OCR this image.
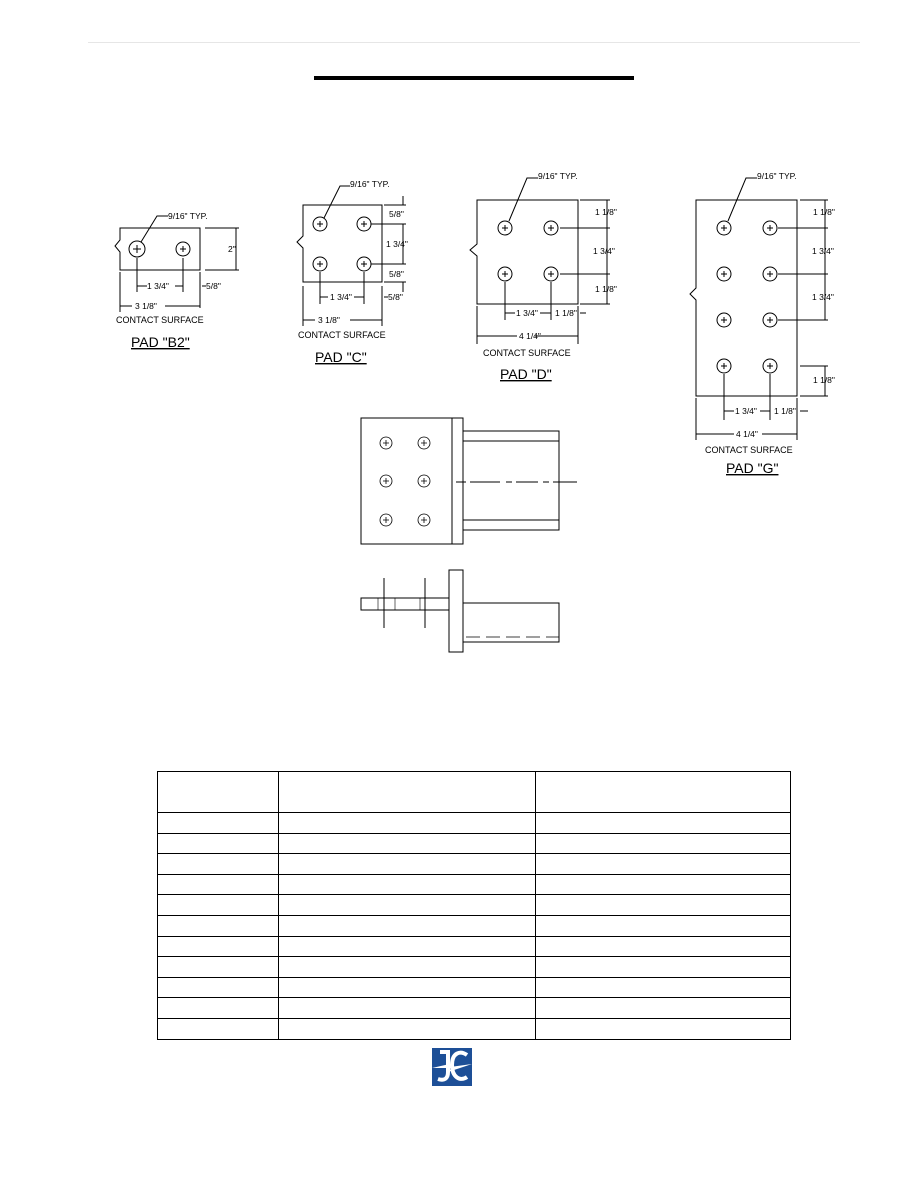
9/16" TYP.
2"
1 3/4"	5/8"
3 1/8"
CONTACT SURFACE
PAD "B2"
9/16" TYP.
5/8"
1 3/4"
5/8"
1 3/4"	5/8"
3 1/8"
CONTACT SURFACE
PAD "C"
9/16" TYP.
1 1/8"
1 3/4"
1 1/8"
1 3/4" 1 1/8"
4 1/4"
CONTACT SURFACE
PAD "D"
9/16" TYP.
1 1/8"
1 3/4"
1 3/4"
1 1/8"
1 3/4" 1 1/8"
4 1/4"
CONTACT SURFACE
PAD "G"
